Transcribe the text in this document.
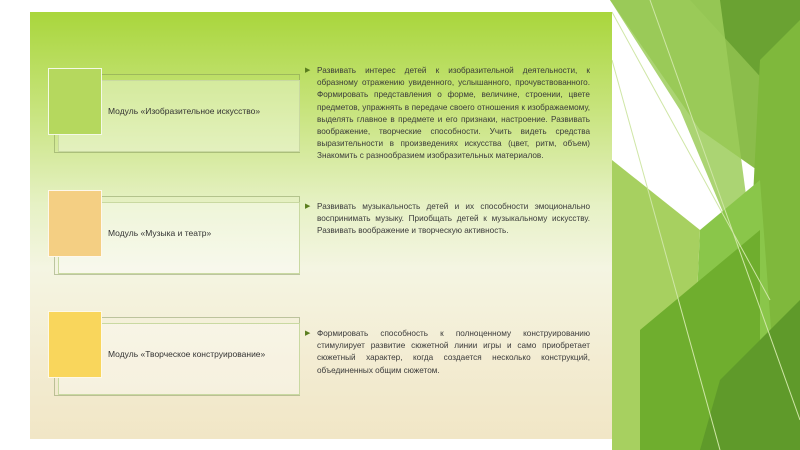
Модуль «Изобразительное искусство»
▶ Развивать интерес детей к изобразительной деятельности, к образному отражению увиденного, услышанного, прочувствованного. Формировать представления о форме, величине, строении, цвете предметов, упражнять в передаче своего отношения к изображаемому, выделять главное в предмете и его признаки, настроение. Развивать воображение, творческие способности. Учить видеть средства выразительности в произведениях искусства (цвет, ритм, объем) Знакомить с разнообразием изобразительных материалов.
Модуль «Музыка и театр»
▶ Развивать музыкальность детей и их способности эмоционально воспринимать музыку. Приобщать детей к музыкальному искусству. Развивать воображение и творческую активность.
Модуль «Творческое конструирование»
▶ Формировать способность к полноценному конструированию стимулирует развитие сюжетной линии игры и само приобретает сюжетный характер, когда создается несколько конструкций, объединенных общим сюжетом.
